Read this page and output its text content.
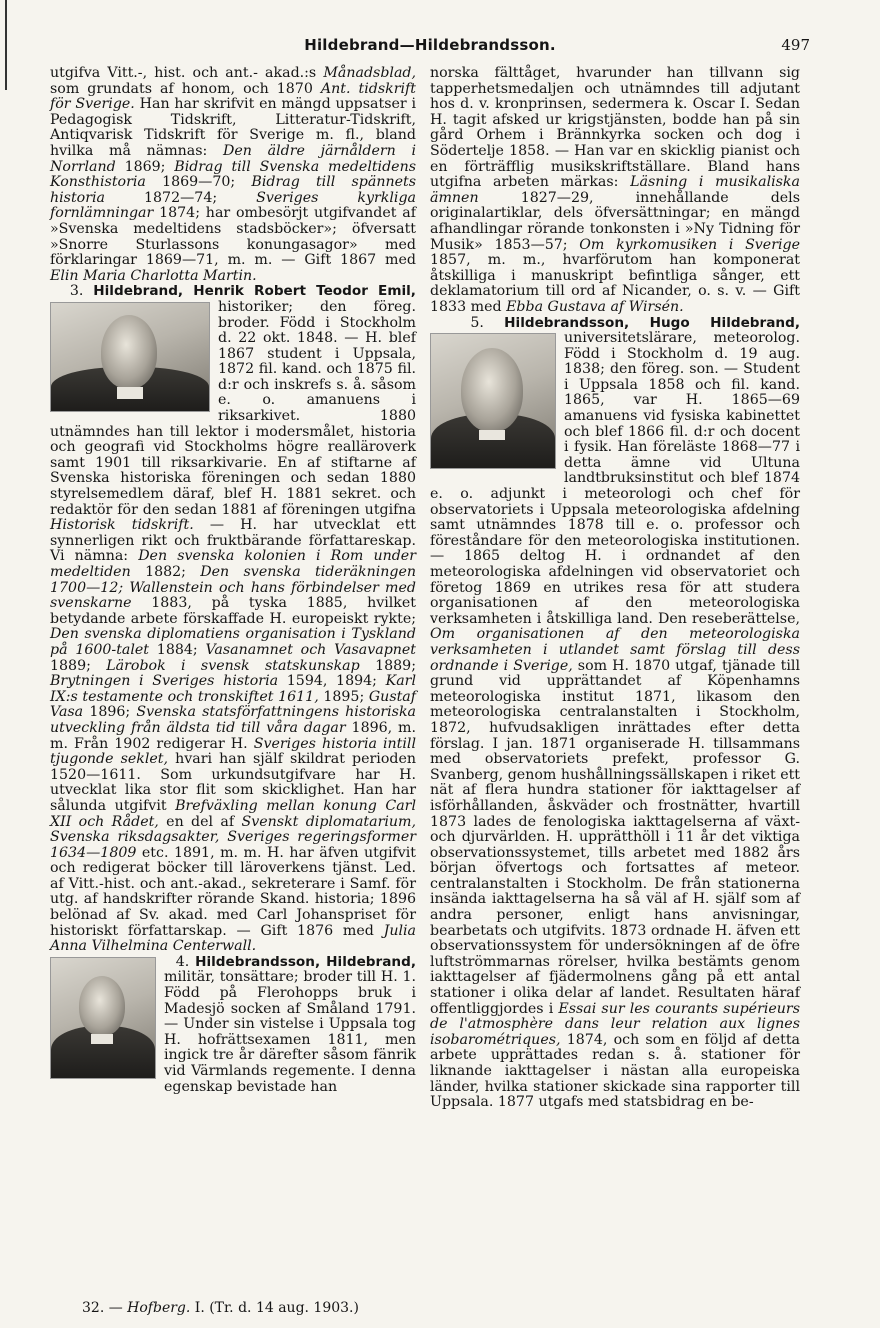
Hildebrand—Hildebrandsson.	497

utgifva Vitt.-, hist. och ant.- akad.:s Månadsblad, som grundats af honom, och 1870 Ant. tidskrift för Sverige. Han har skrifvit en mängd uppsatser i Pedagogisk Tidskrift, Litteratur-Tidskrift, Antiqvarisk Tidskrift för Sverige m. fl., bland hvilka må nämnas: Den äldre järnåldern i Norrland 1869; Bidrag till Svenska medeltidens Konsthistoria 1869—70; Bidrag till spännets historia 1872—74; Sveriges kyrkliga fornlämningar 1874; har ombesörjt utgifvandet af »Svenska medeltidens stadsböcker»; öfversatt »Snorre Sturlassons konungasagor» med förklaringar 1869—71, m. m. — Gift 1867 med Elin Maria Charlotta Martin.

3. Hildebrand, Henrik Robert Teodor Emil,
historiker; den föreg. broder. Född i Stockholm d. 22 okt. 1848. — H. blef 1867 student i Uppsala, 1872 fil. kand. och 1875 fil. d:r och inskrefs s. å. såsom e. o. amanuens i riksarkivet. 1880 utnämndes han till lektor i modersmålet, historia och geografi vid Stockholms högre realläroverk samt 1901 till riksarkivarie. En af stiftarne af Svenska historiska föreningen och sedan 1880 styrelsemedlem däraf, blef H. 1881 sekret. och redaktör för den sedan 1881 af föreningen utgifna Historisk tidskrift. — H. har utvecklat ett synnerligen rikt och fruktbärande författareskap. Vi nämna: Den svenska kolonien i Rom under medeltiden 1882; Den svenska tideräkningen 1700—12; Wallenstein och hans förbindelser med svenskarne 1883, på tyska 1885, hvilket betydande arbete förskaffade H. europeiskt rykte; Den svenska diplomatiens organisation i Tyskland på 1600-talet 1884; Vasanamnet och Vasavapnet 1889; Lärobok i svensk statskunskap 1889; Brytningen i Sveriges historia 1594, 1894; Karl IX:s testamente och tronskiftet 1611, 1895; Gustaf Vasa 1896; Svenska statsförfattningens historiska utveckling från äldsta tid till våra dagar 1896, m. m. Från 1902 redigerar H. Sveriges historia intill tjugonde seklet, hvari han själf skildrat perioden 1520—1611. Som urkundsutgifvare har H. utvecklat lika stor flit som skicklighet. Han har sålunda utgifvit Brefväxling mellan konung Carl XII och Rådet, en del af Svenskt diplomatarium, Svenska riksdagsakter, Sveriges regeringsformer 1634—1809 etc. 1891, m. m. H. har äfven utgifvit och redigerat böcker till läroverkens tjänst. Led. af Vitt.-hist. och ant.-akad., sekreterare i Samf. för utg. af handskrifter rörande Skand. historia; 1896 belönad af Sv. akad. med Carl Johanspriset för historiskt författarskap. — Gift 1876 med Julia Anna Vilhelmina Centerwall.

4. Hildebrandsson, Hildebrand,
militär, tonsättare; broder till H. 1. Född på Flerohopps bruk i Madesjö socken af Småland 1791. — Under sin vistelse i Uppsala tog H. hofrättsexamen 1811, men ingick tre år därefter såsom fänrik vid Värmlands regemente. I denna egenskap bevistade han

norska fälttåget, hvarunder han tillvann sig tapperhetsmedaljen och utnämndes till adjutant hos d. v. kronprinsen, sedermera k. Oscar I. Sedan H. tagit afsked ur krigstjänsten, bodde han på sin gård Orhem i Brännkyrka socken och dog i Södertelje 1858. — Han var en skicklig pianist och en förträfflig musikskriftställare. Bland hans utgifna arbeten märkas: Läsning i musikaliska ämnen 1827—29, innehållande dels originalartiklar, dels öfversättningar; en mängd afhandlingar rörande tonkonsten i »Ny Tidning för Musik» 1853—57; Om kyrkomusiken i Sverige 1857, m. m., hvarförutom han komponerat åtskilliga i manuskript befintliga sånger, ett deklamatorium till ord af Nicander, o. s. v. — Gift 1833 med Ebba Gustava af Wirsén.

5. Hildebrandsson, Hugo Hildebrand,
universitetslärare, meteorolog. Född i Stockholm d. 19 aug. 1838; den föreg. son. — Student i Uppsala 1858 och fil. kand. 1865, var H. 1865—69 amanuens vid fysiska kabinettet och blef 1866 fil. d:r och docent i fysik. Han föreläste 1868—77 i detta ämne vid Ultuna landtbruksinstitut och blef 1874 e. o. adjunkt i meteorologi och chef för observatoriets i Uppsala meteorologiska afdelning samt utnämndes 1878 till e. o. professor och föreståndare för den meteorologiska institutionen. — 1865 deltog H. i ordnandet af den meteorologiska afdelningen vid observatoriet och företog 1869 en utrikes resa för att studera organisationen af den meteorologiska verksamheten i åtskilliga land. Den reseberättelse, Om organisationen af den meteorologiska verksamheten i utlandet samt förslag till dess ordnande i Sverige, som H. 1870 utgaf, tjänade till grund vid upprättandet af Köpenhamns meteorologiska institut 1871, likasom den meteorologiska centralanstalten i Stockholm, 1872, hufvudsakligen inrättades efter detta förslag. I jan. 1871 organiserade H. tillsammans med observatoriets prefekt, professor G. Svanberg, genom hushållningssällskapen i riket ett nät af flera hundra stationer för iakttagelser af isförhållanden, åskväder och frostnätter, hvartill 1873 lades de fenologiska iakttagelserna af växt- och djurvärlden. H. upprätthöll i 11 år det viktiga observationssystemet, tills arbetet med 1882 års början öfvertogs och fortsattes af meteor. centralanstalten i Stockholm. De från stationerna insända iakttagelserna ha så väl af H. själf som af andra personer, enligt hans anvisningar, bearbetats och utgifvits. 1873 ordnade H. äfven ett observationssystem för undersökningen af de öfre luftströmmarnas rörelser, hvilka bestämts genom iakttagelser af fjädermolnens gång på ett antal stationer i olika delar af landet. Resultaten häraf offentliggjordes i Essai sur les courants supérieurs de l'atmosphère dans leur relation aux lignes isobarométriques, 1874, och som en följd af detta arbete upprättades redan s. å. stationer för liknande iakttagelser i nästan alla europeiska länder, hvilka stationer skickade sina rapporter till Uppsala. 1877 utgafs med statsbidrag en be-

32. — Hofberg. I. (Tr. d. 14 aug. 1903.)
